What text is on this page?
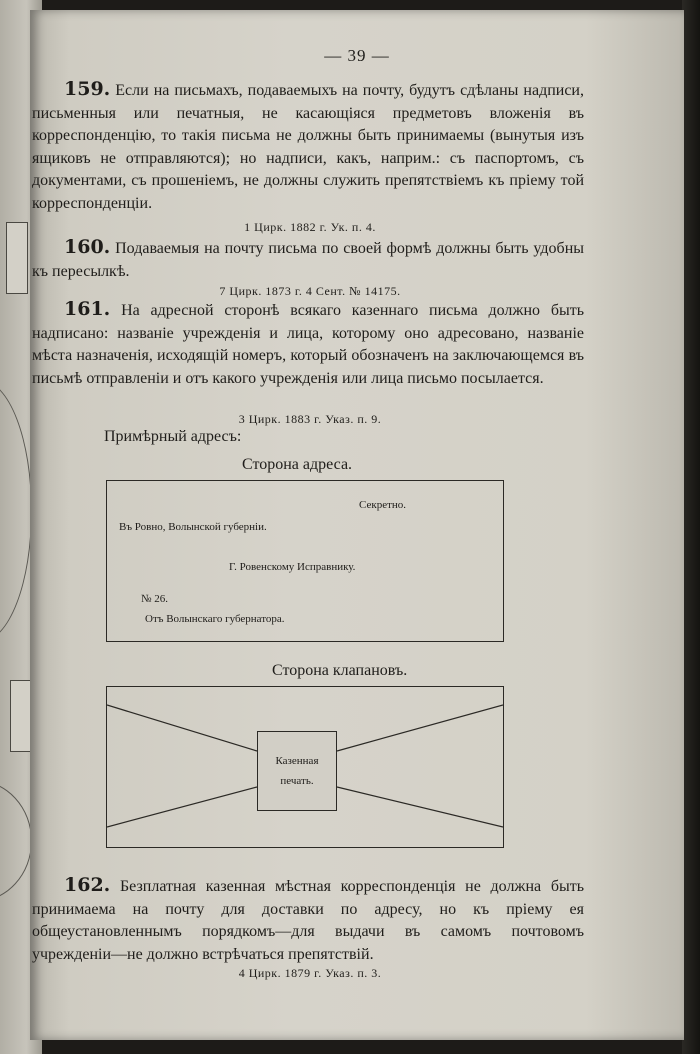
— 39 —
159. Если на письмахъ, подаваемыхъ на почту, будутъ сдѣланы надписи, письменныя или печатныя, не касающіяся предметовъ вложенія въ корреспонденцію, то такія письма не должны быть принимаемы (вынутыя изъ ящиковъ не отправляются); но надписи, какъ, наприм.: съ паспортомъ, съ документами, съ прошеніемъ, не должны служить препятствіемъ къ пріему той корреспонденціи.
1 Цирк. 1882 г. Ук. п. 4.
160. Подаваемыя на почту письма по своей формѣ должны быть удобны къ пересылкѣ.
7 Цирк. 1873 г. 4 Сент. № 14175.
161. На адресной сторонѣ всякаго казеннаго письма должно быть надписано: названіе учрежденія и лица, которому оно адресовано, названіе мѣста назначенія, исходящій номеръ, который обозначенъ на заключающемся въ письмѣ отправленіи и отъ какого учрежденія или лица письмо посылается.
3 Цирк. 1883 г. Указ. п. 9.
Примѣрный адресъ:
Сторона адреса.
Секретно.
Въ Ровно, Волынской губерніи.
Г. Ровенскому Исправнику.
№ 26.
Отъ Волынскаго губернатора.
Сторона клапановъ.
Казенная печать.
162. Безплатная казенная мѣстная корреспонденція не должна быть принимаема на почту для доставки по адресу, но къ пріему ея общеустановленнымъ порядкомъ—для выдачи въ самомъ почтовомъ учрежденіи—не должно встрѣчаться препятствій.
4 Цирк. 1879 г. Указ. п. 3.
